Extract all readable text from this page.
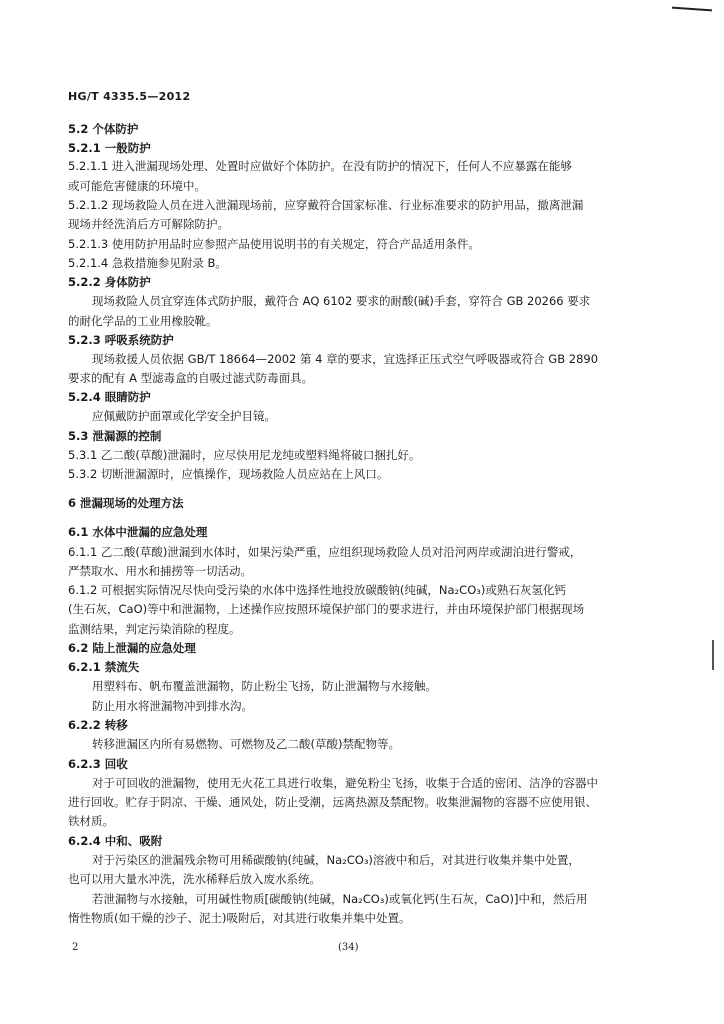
HG/T 4335.5—2012
5.2 个体防护
5.2.1 一般防护
5.2.1.1 进入泄漏现场处理、处置时应做好个体防护。在没有防护的情况下，任何人不应暴露在能够
或可能危害健康的环境中。
5.2.1.2 现场救险人员在进入泄漏现场前，应穿戴符合国家标准、行业标准要求的防护用品，撤离泄漏
现场并经洗消后方可解除防护。
5.2.1.3 使用防护用品时应参照产品使用说明书的有关规定，符合产品适用条件。
5.2.1.4 急救措施参见附录 B。
5.2.2 身体防护
现场救险人员宜穿连体式防护服，戴符合 AQ 6102 要求的耐酸(碱)手套，穿符合 GB 20266 要求
的耐化学品的工业用橡胶靴。
5.2.3 呼吸系统防护
现场救援人员依据 GB/T 18664—2002 第 4 章的要求，宜选择正压式空气呼吸器或符合 GB 2890
要求的配有 A 型滤毒盒的自吸过滤式防毒面具。
5.2.4 眼睛防护
应佩戴防护面罩或化学安全护目镜。
5.3 泄漏源的控制
5.3.1 乙二酸(草酸)泄漏时，应尽快用尼龙纯或塑料绳将破口捆扎好。
5.3.2 切断泄漏源时，应慎操作，现场救险人员应站在上风口。
6 泄漏现场的处理方法
6.1 水体中泄漏的应急处理
6.1.1 乙二酸(草酸)泄漏到水体时，如果污染严重，应组织现场救险人员对沿河两岸或湖泊进行警戒，
严禁取水、用水和捕捞等一切活动。
6.1.2 可根据实际情况尽快向受污染的水体中选择性地投放碳酸钠(纯碱，Na₂CO₃)或熟石灰氢化钙
(生石灰，CaO)等中和泄漏物，上述操作应按照环境保护部门的要求进行，并由环境保护部门根据现场
监测结果，判定污染消除的程度。
6.2 陆上泄漏的应急处理
6.2.1 禁流失
用塑料布、帆布覆盖泄漏物，防止粉尘飞扬，防止泄漏物与水接触。
防止用水将泄漏物冲到排水沟。
6.2.2 转移
转移泄漏区内所有易燃物、可燃物及乙二酸(草酸)禁配物等。
6.2.3 回收
对于可回收的泄漏物，使用无火花工具进行收集，避免粉尘飞扬，收集于合适的密闭、洁净的容器中
进行回收。贮存于阴凉、干燥、通风处，防止受潮，远离热源及禁配物。收集泄漏物的容器不应使用银、
铁材质。
6.2.4 中和、吸附
对于污染区的泄漏残余物可用稀碳酸钠(纯碱，Na₂CO₃)溶液中和后，对其进行收集并集中处置，
也可以用大量水冲洗，洗水稀释后放入废水系统。
若泄漏物与水接触，可用碱性物质[碳酸钠(纯碱，Na₂CO₃)或氧化钙(生石灰，CaO)]中和，然后用
惰性物质(如干燥的沙子、泥土)吸附后，对其进行收集并集中处置。
2	(34)
